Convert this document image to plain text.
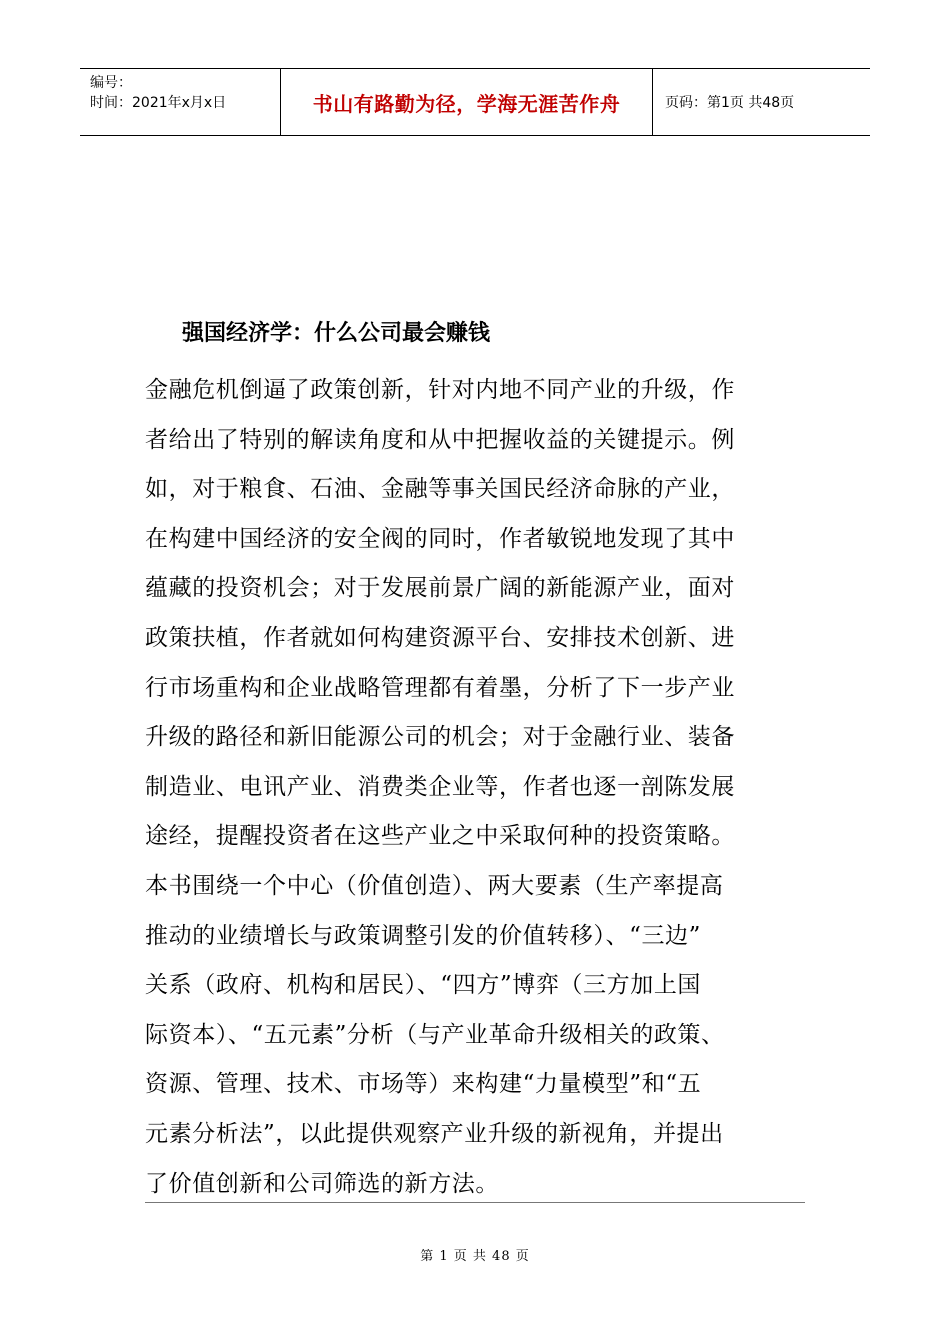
编号：
时间：2021年x月x日	书山有路勤为径，学海无涯苦作舟	页码：第1页 共48页
强国经济学：什么公司最会赚钱
金融危机倒逼了政策创新，针对内地不同产业的升级，作
者给出了特别的解读角度和从中把握收益的关键提示。例
如，对于粮食、石油、金融等事关国民经济命脉的产业，
在构建中国经济的安全阀的同时，作者敏锐地发现了其中
蕴藏的投资机会；对于发展前景广阔的新能源产业，面对
政策扶植，作者就如何构建资源平台、安排技术创新、进
行市场重构和企业战略管理都有着墨，分析了下一步产业
升级的路径和新旧能源公司的机会；对于金融行业、装备
制造业、电讯产业、消费类企业等，作者也逐一剖陈发展
途经，提醒投资者在这些产业之中采取何种的投资策略。
本书围绕一个中心（价值创造）、两大要素（生产率提高
推动的业绩增长与政策调整引发的价值转移）、“三边”
关系（政府、机构和居民）、“四方”博弈（三方加上国
际资本）、“五元素”分析（与产业革命升级相关的政策、
资源、管理、技术、市场等）来构建“力量模型”和“五
元素分析法”，以此提供观察产业升级的新视角，并提出
了价值创新和公司筛选的新方法。
第 1 页 共 48 页
